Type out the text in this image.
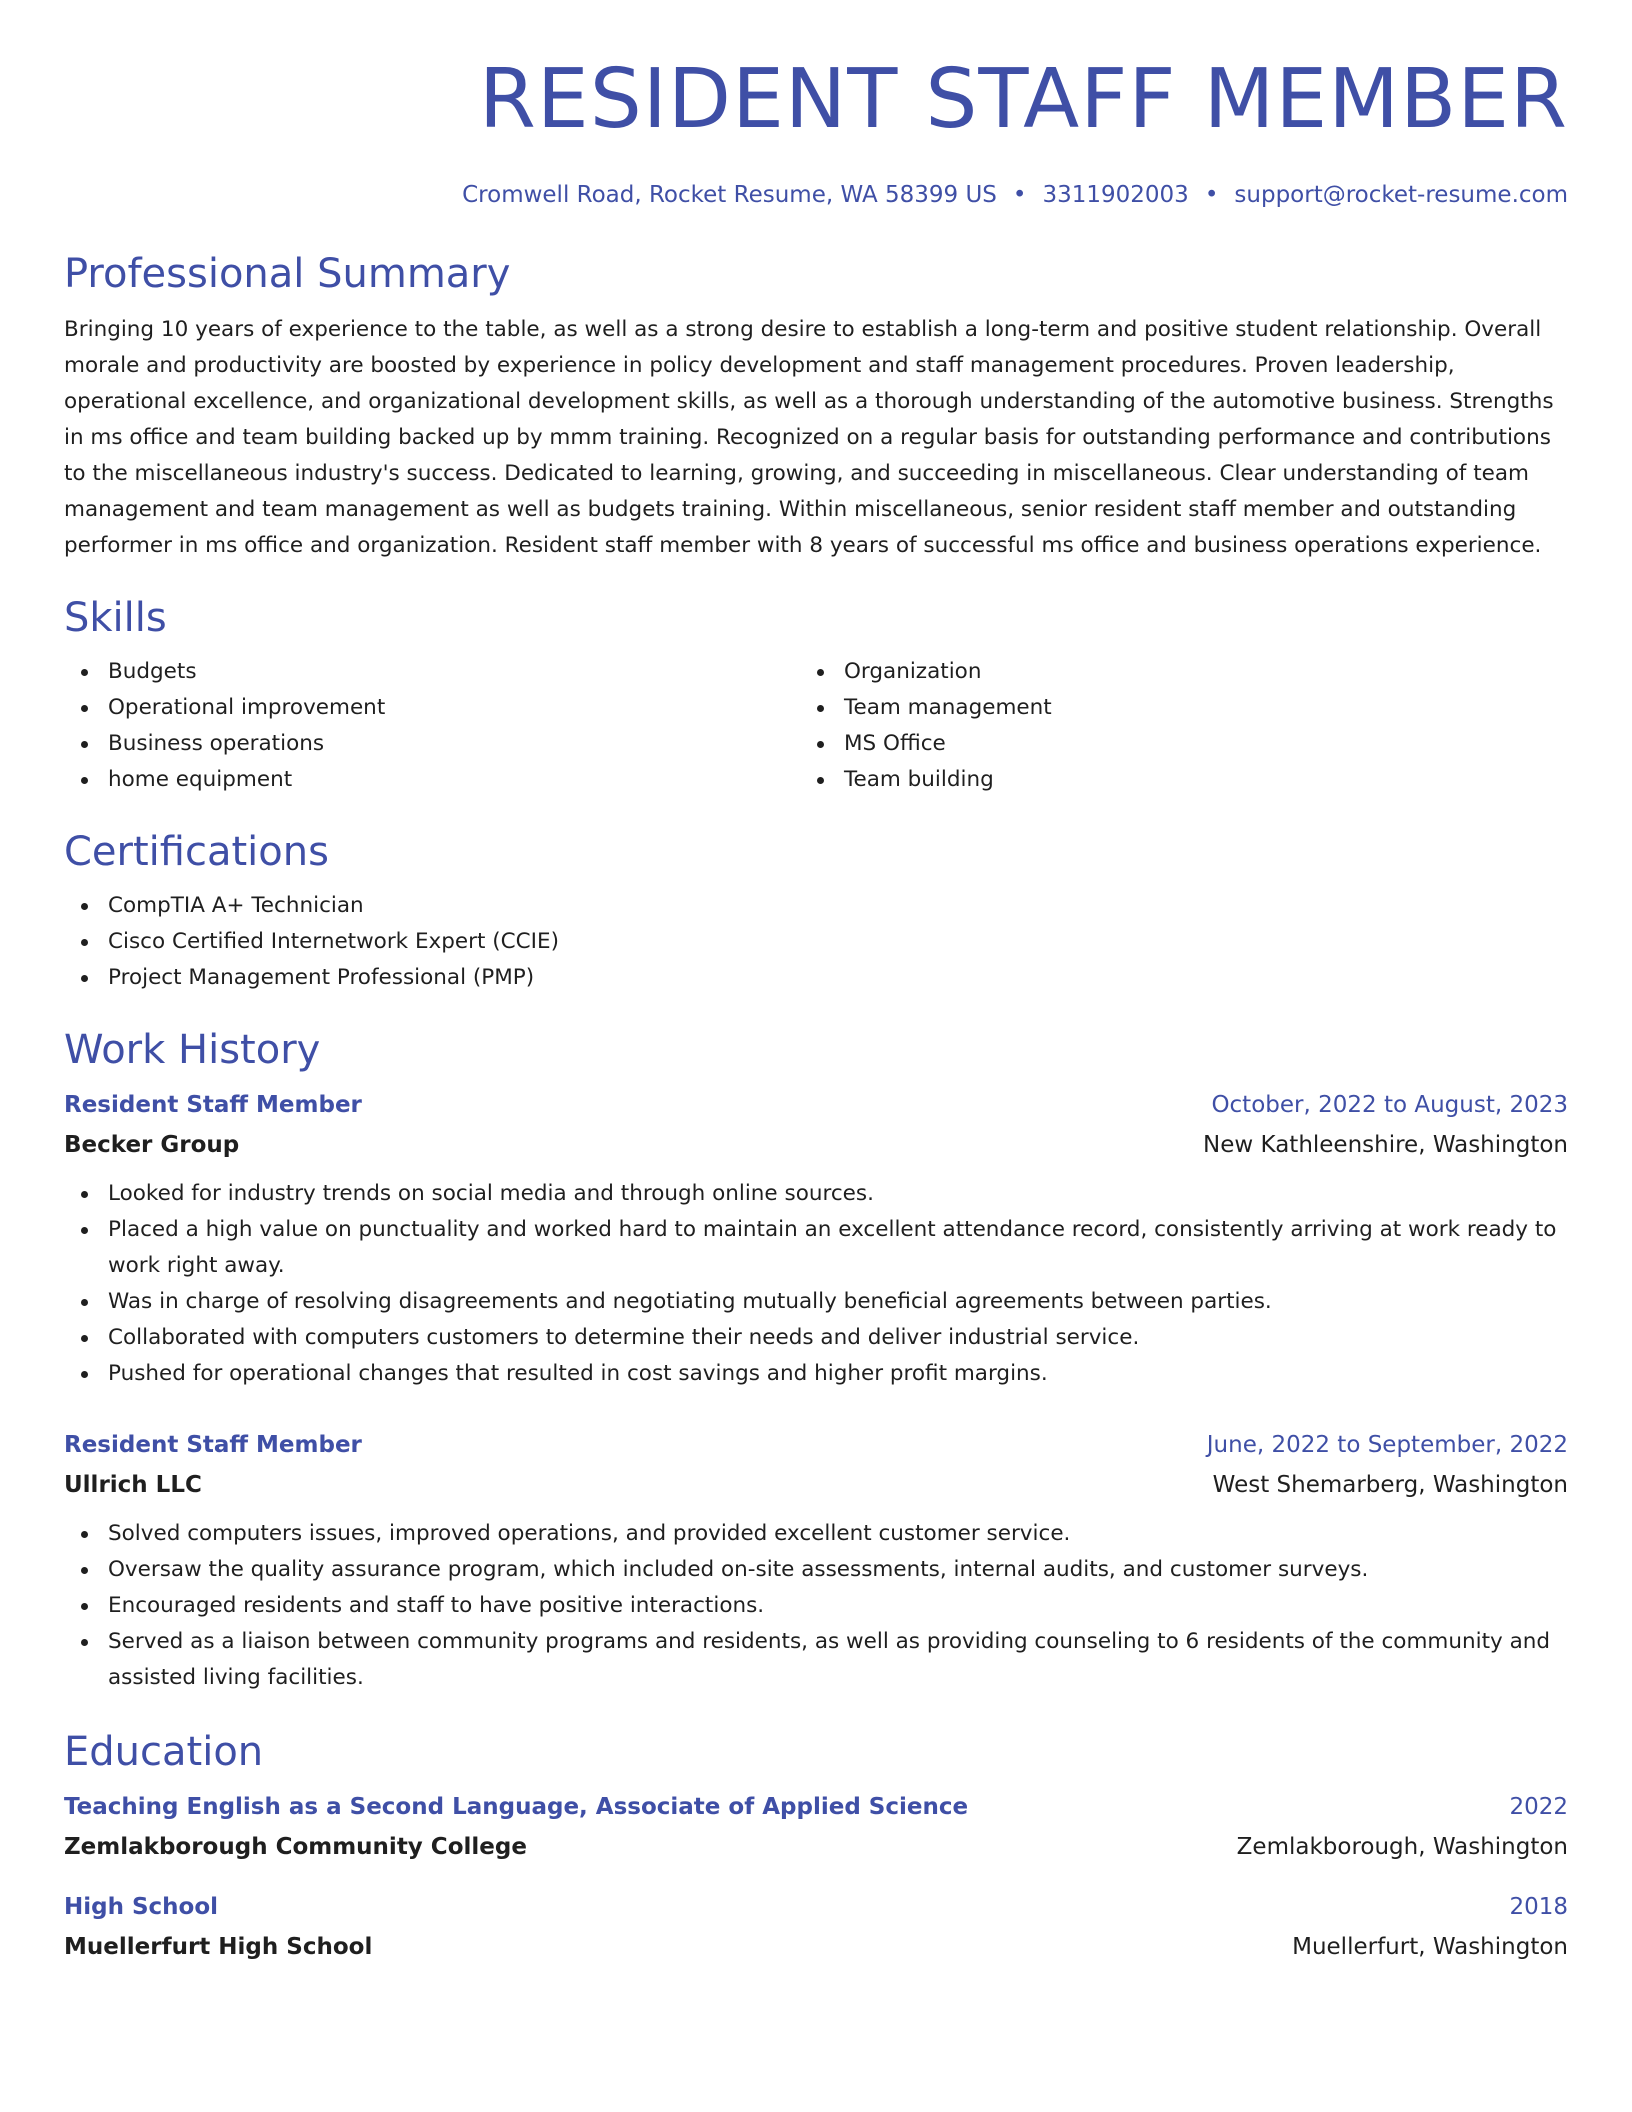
RESIDENT STAFF MEMBER
Cromwell Road, Rocket Resume, WA 58399 US • 3311902003 • support@rocket-resume.com
Professional Summary

Bringing 10 years of experience to the table, as well as a strong desire to establish a long-term and positive student relationship. Overall morale and productivity are boosted by experience in policy development and staff management procedures. Proven leadership, operational excellence, and organizational development skills, as well as a thorough understanding of the automotive business. Strengths in ms office and team building backed up by mmm training. Recognized on a regular basis for outstanding performance and contributions to the miscellaneous industry's success. Dedicated to learning, growing, and succeeding in miscellaneous. Clear understanding of team management and team management as well as budgets training. Within miscellaneous, senior resident staff member and outstanding performer in ms office and organization. Resident staff member with 8 years of successful ms office and business operations experience.

Skills
Budgets
Operational improvement
Business operations
home equipment
Organization
Team management
MS Office
Team building
Certifications
CompTIA A+ Technician
Cisco Certified Internetwork Expert (CCIE)
Project Management Professional (PMP)
Work History
Resident Staff Member	October, 2022 to August, 2023
Becker Group	New Kathleenshire, Washington
Looked for industry trends on social media and through online sources.
Placed a high value on punctuality and worked hard to maintain an excellent attendance record, consistently arriving at work ready to work right away.
Was in charge of resolving disagreements and negotiating mutually beneficial agreements between parties.
Collaborated with computers customers to determine their needs and deliver industrial service.
Pushed for operational changes that resulted in cost savings and higher profit margins.
Resident Staff Member	June, 2022 to September, 2022
Ullrich LLC	West Shemarberg, Washington
Solved computers issues, improved operations, and provided excellent customer service.
Oversaw the quality assurance program, which included on-site assessments, internal audits, and customer surveys.
Encouraged residents and staff to have positive interactions.
Served as a liaison between community programs and residents, as well as providing counseling to 6 residents of the community and assisted living facilities.
Education
Teaching English as a Second Language, Associate of Applied Science	2022
Zemlakborough Community College	Zemlakborough, Washington
High School	2018
Muellerfurt High School	Muellerfurt, Washington
